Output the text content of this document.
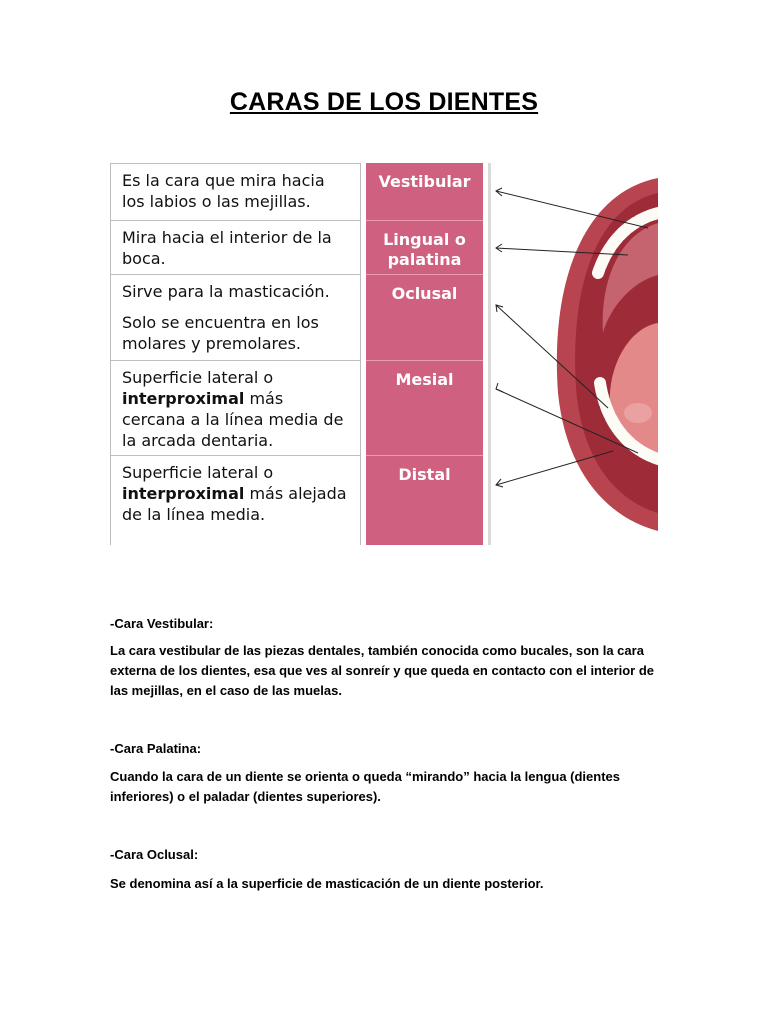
CARAS DE LOS DIENTES

Es la cara que mira hacia los labios o las mejillas.

Mira hacia el interior de la boca.

Sirve para la masticación.

Solo se encuentra en los molares y premolares.

Superficie lateral o interproximal más cercana a la línea media de la arcada dentaria.

Superficie lateral o interproximal más alejada de la línea media.

Vestibular
Lingual o palatina
Oclusal
Mesial
Distal
-Cara Vestibular:
La cara vestibular de las piezas dentales, también conocida como bucales, son la cara externa de los dientes, esa que ves al sonreír y que queda en contacto con el interior de las mejillas, en el caso de las muelas.
-Cara Palatina:
Cuando la cara de un diente se orienta o queda “mirando” hacia la lengua (dientes inferiores) o el paladar (dientes superiores).
-Cara Oclusal:
Se denomina así a la superficie de masticación de un diente posterior.
